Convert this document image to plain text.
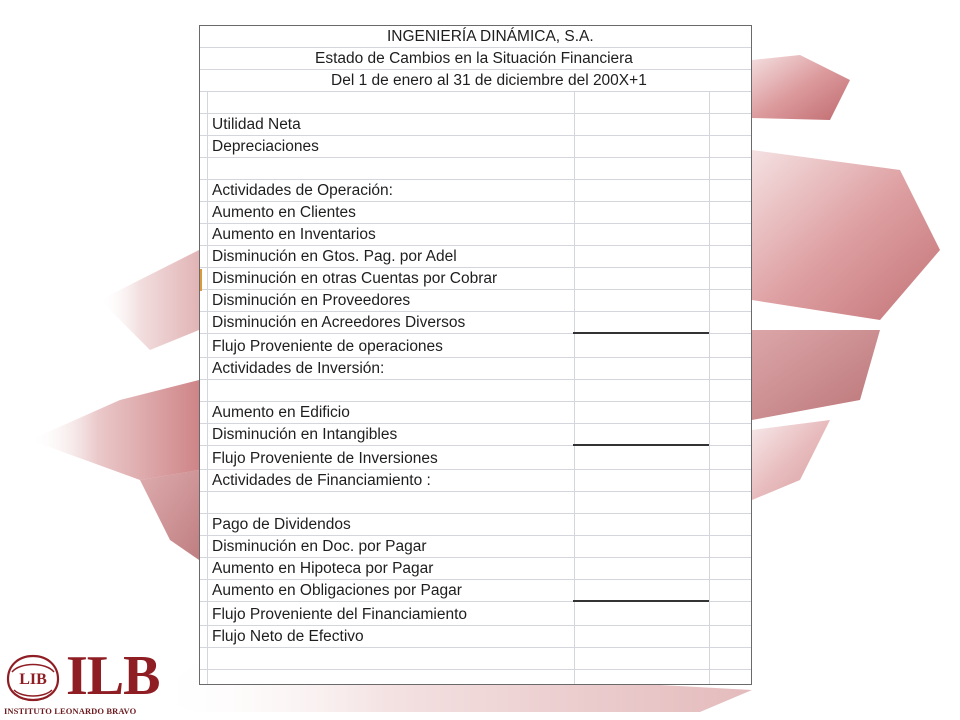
INGENIERÍA DINÁMICA, S.A.
Estado de Cambios en la Situación Financiera
Del 1 de enero al 31 de diciembre del 200X+1
Utilidad Neta
Depreciaciones
Actividades de Operación:
Aumento en Clientes
Aumento en Inventarios
Disminución en Gtos. Pag. por Adel
Disminución en otras Cuentas por Cobrar
Disminución en Proveedores
Disminución en Acreedores Diversos
Flujo Proveniente de operaciones
Actividades de Inversión:
Aumento en Edificio
Disminución en Intangibles
Flujo Proveniente de Inversiones
Actividades de Financiamiento :
Pago de Dividendos
Disminución en Doc. por Pagar
Aumento en Hipoteca por Pagar
Aumento en Obligaciones por Pagar
Flujo Proveniente del Financiamiento
Flujo Neto de Efectivo
LIB ILB
INSTITUTO LEONARDO BRAVO
